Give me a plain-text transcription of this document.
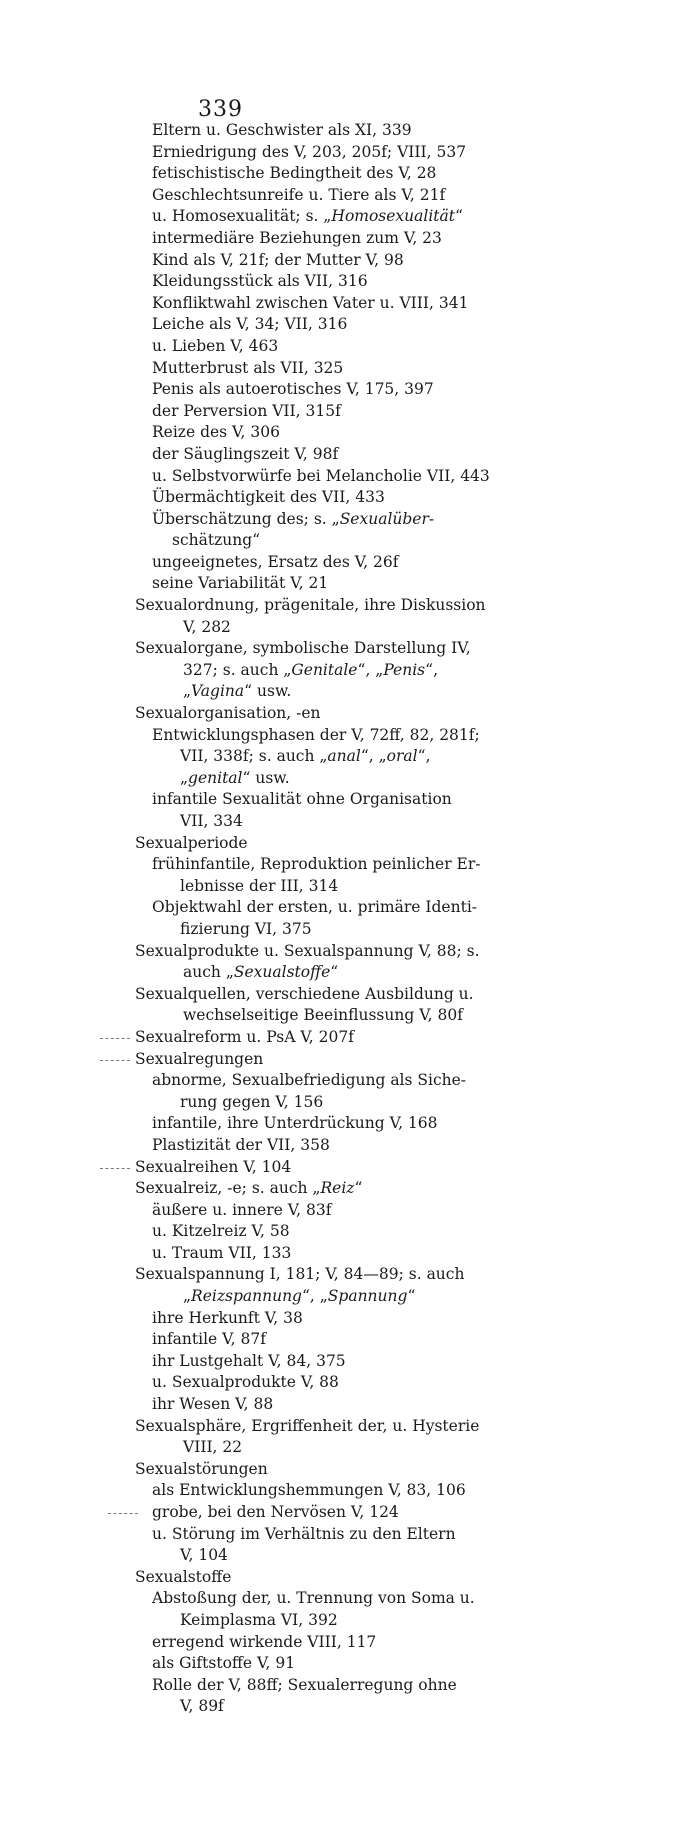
339
Eltern u. Geschwister als XI, 339
Erniedrigung des V, 203, 205f; VIII, 537
fetischistische Bedingtheit des V, 28
Geschlechtsunreife u. Tiere als V, 21f
u. Homosexualität; s. „Homosexualität“
intermediäre Beziehungen zum V, 23
Kind als V, 21f; der Mutter V, 98
Kleidungsstück als VII, 316
Konfliktwahl zwischen Vater u. VIII, 341
Leiche als V, 34; VII, 316
u. Lieben V, 463
Mutterbrust als VII, 325
Penis als autoerotisches V, 175, 397
der Perversion VII, 315f
Reize des V, 306
der Säuglingszeit V, 98f
u. Selbstvorwürfe bei Melancholie VII, 443
Übermächtigkeit des VII, 433
Überschätzung des; s. „Sexualüber-
schätzung“
ungeeignetes, Ersatz des V, 26f
seine Variabilität V, 21
Sexualordnung, prägenitale, ihre Diskussion
V, 282
Sexualorgane, symbolische Darstellung IV,
327; s. auch „Genitale“, „Penis“,
„Vagina“ usw.
Sexualorganisation, -en
Entwicklungsphasen der V, 72ff, 82, 281f;
VII, 338f; s. auch „anal“, „oral“,
„genital“ usw.
infantile Sexualität ohne Organisation
VII, 334
Sexualperiode
frühinfantile, Reproduktion peinlicher Er-
lebnisse der III, 314
Objektwahl der ersten, u. primäre Identi-
fizierung VI, 375
Sexualprodukte u. Sexualspannung V, 88; s.
auch „Sexualstoffe“
Sexualquellen, verschiedene Ausbildung u.
wechselseitige Beeinflussung V, 80f
Sexualreform u. PsA V, 207f
Sexualregungen
abnorme, Sexualbefriedigung als Siche-
rung gegen V, 156
infantile, ihre Unterdrückung V, 168
Plastizität der VII, 358
Sexualreihen V, 104
Sexualreiz, -e; s. auch „Reiz“
äußere u. innere V, 83f
u. Kitzelreiz V, 58
u. Traum VII, 133
Sexualspannung I, 181; V, 84—89; s. auch
„Reizspannung“, „Spannung“
ihre Herkunft V, 38
infantile V, 87f
ihr Lustgehalt V, 84, 375
u. Sexualprodukte V, 88
ihr Wesen V, 88
Sexualsphäre, Ergriffenheit der, u. Hysterie
VIII, 22
Sexualstörungen
als Entwicklungshemmungen V, 83, 106
grobe, bei den Nervösen V, 124
u. Störung im Verhältnis zu den Eltern
V, 104
Sexualstoffe
Abstoßung der, u. Trennung von Soma u.
Keimplasma VI, 392
erregend wirkende VIII, 117
als Giftstoffe V, 91
Rolle der V, 88ff; Sexualerregung ohne
V, 89f
